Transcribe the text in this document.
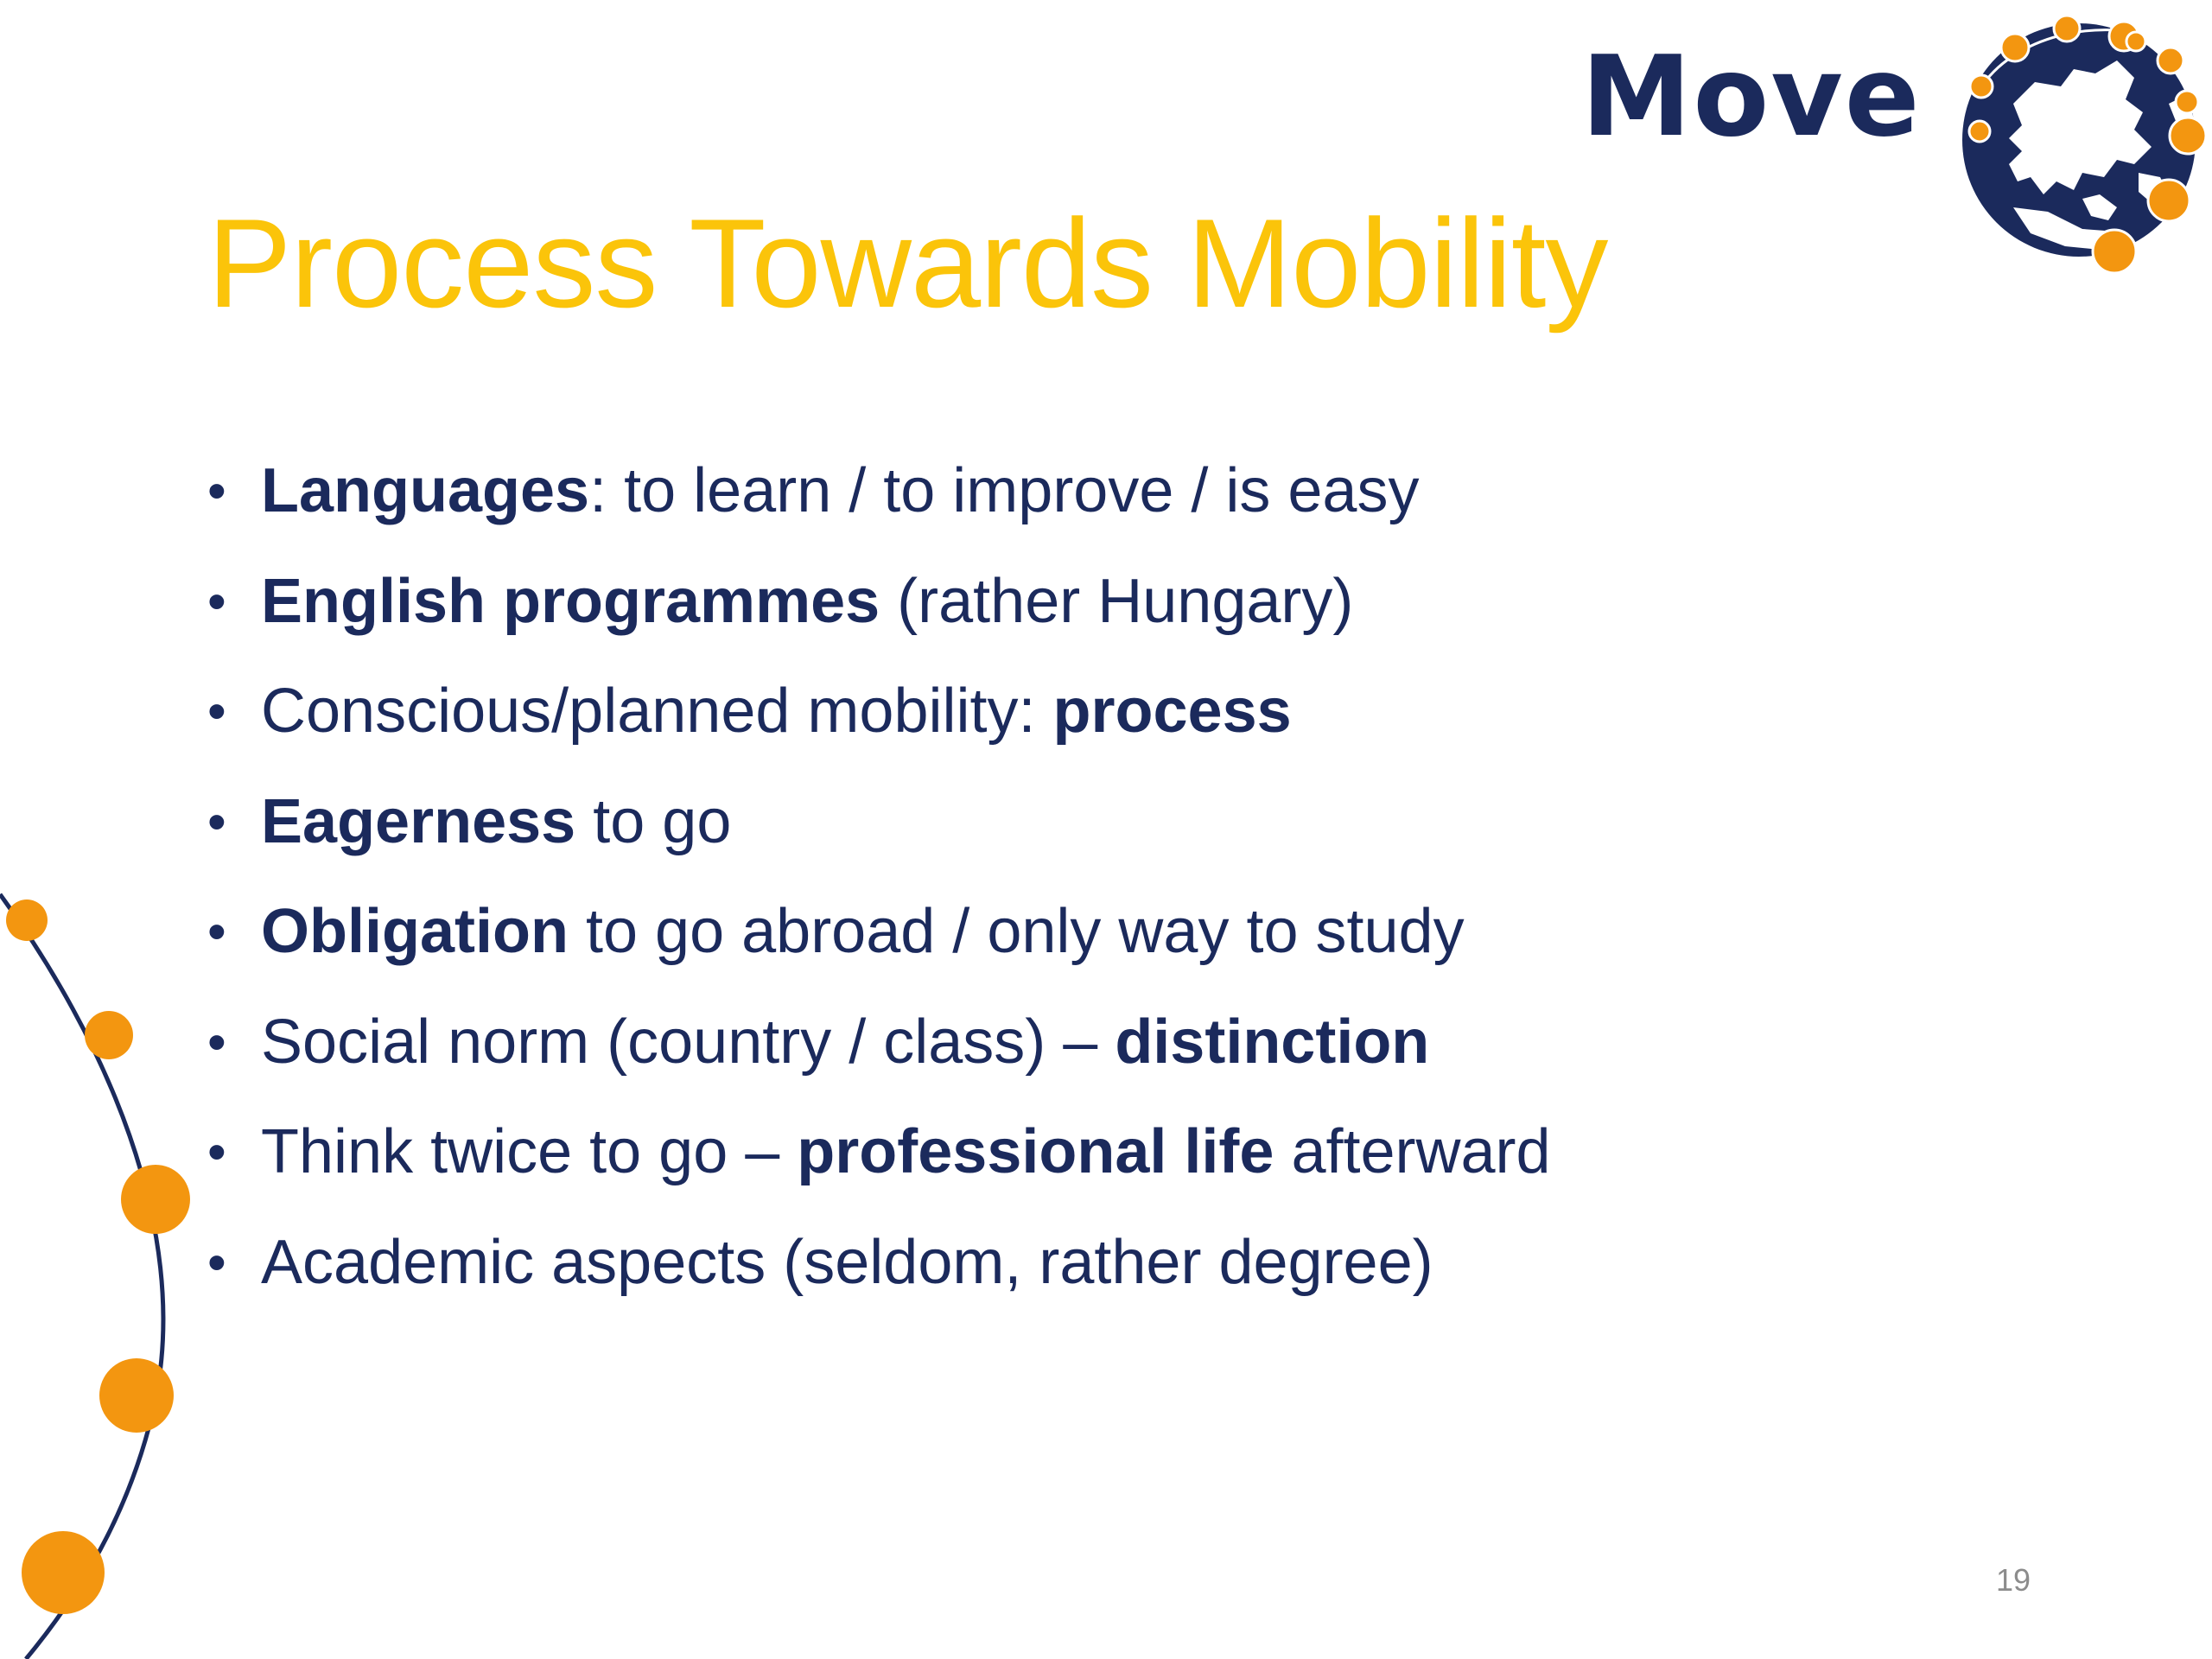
Move
Process Towards Mobility
• Languages: to learn / to improve / is easy
• English programmes (rather Hungary)
• Conscious/planned mobility: process
• Eagerness to go
• Obligation to go abroad / only way to study
• Social norm (country / class) – distinction
• Think twice to go – professional life afterward
• Academic aspects (seldom, rather degree)
19
